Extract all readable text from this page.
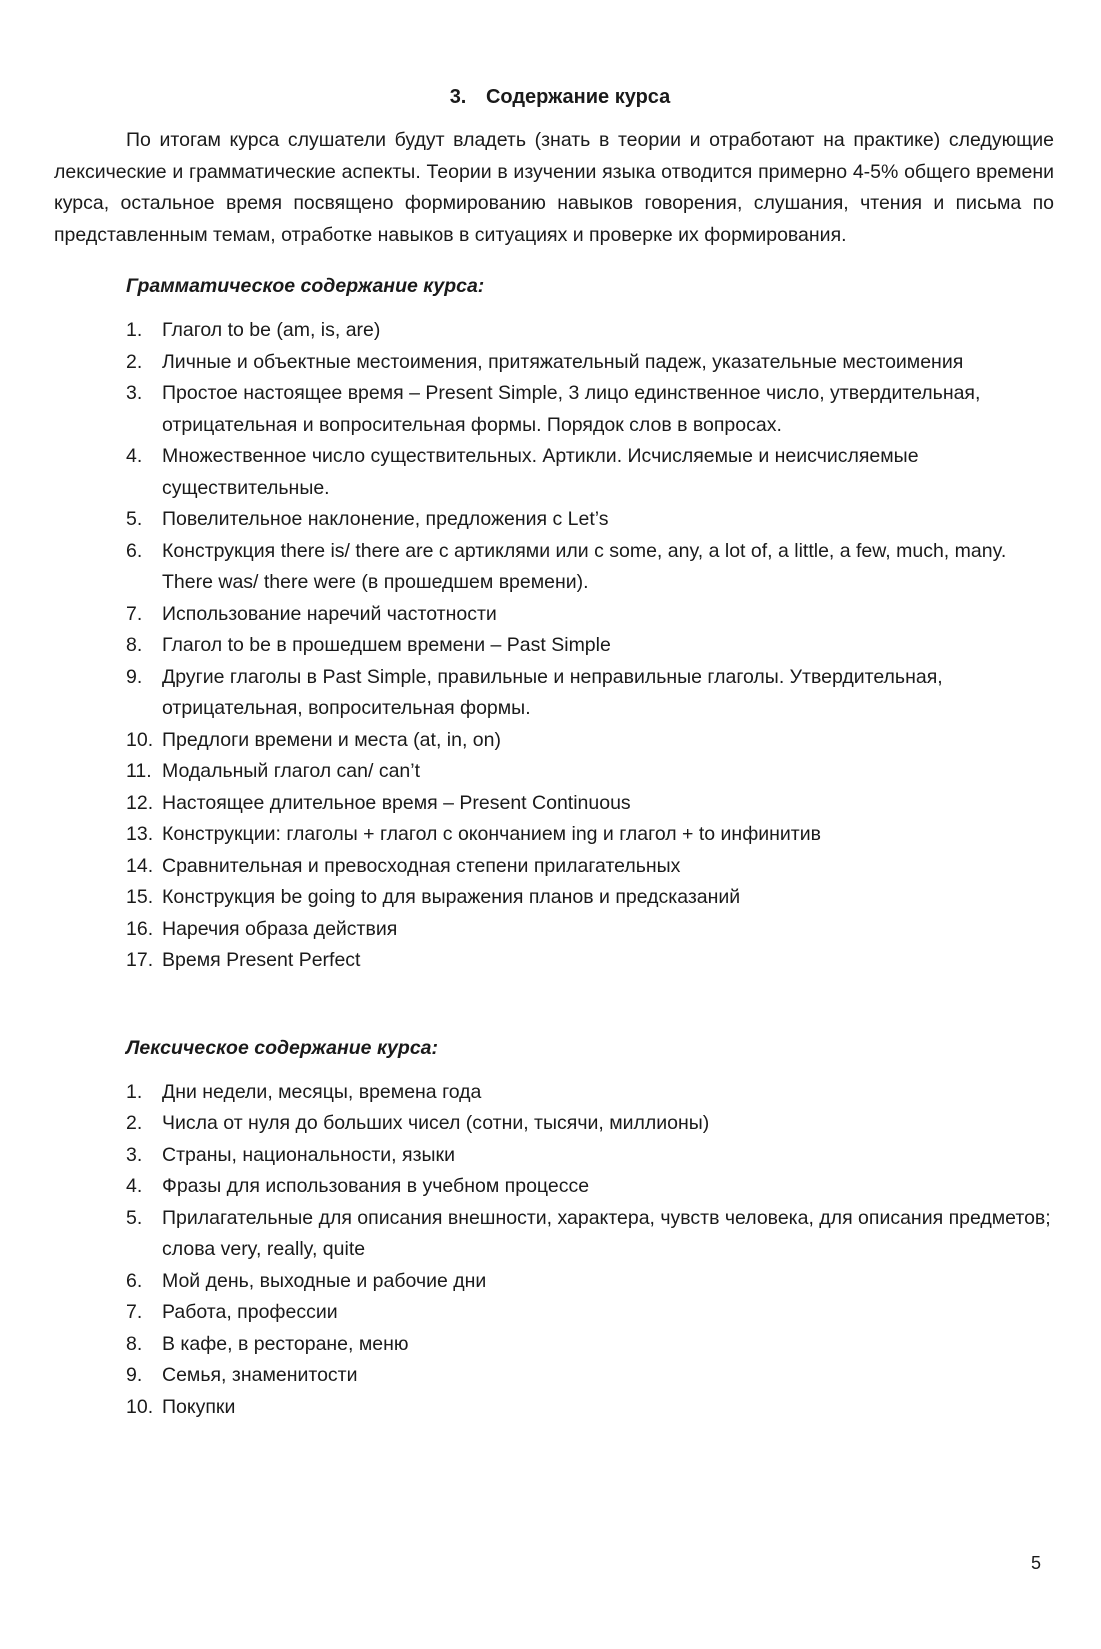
3. Содержание курса

По итогам курса слушатели будут владеть (знать в теории и отработают на практике) следующие лексические и грамматические аспекты. Теории в изучении языка отводится примерно 4-5% общего времени курса, остальное время посвящено формированию навыков говорения, слушания, чтения и письма по представленным темам, отработке навыков в ситуациях и проверке их формирования.

Грамматическое содержание курса:
1. Глагол to be (am, is, are)
2. Личные и объектные местоимения, притяжательный падеж, указательные местоимения
3. Простое настоящее время – Present Simple, 3 лицо единственное число, утвердительная, отрицательная и вопросительная формы. Порядок слов в вопросах.
4. Множественное число существительных. Артикли. Исчисляемые и неисчисляемые существительные.
5. Повелительное наклонение, предложения с Let’s
6. Конструкция there is/ there are с артиклями или с some, any, a lot of, a little, a few, much, many. There was/ there were (в прошедшем времени).
7. Использование наречий частотности
8. Глагол to be в прошедшем времени – Past Simple
9. Другие глаголы в Past Simple, правильные и неправильные глаголы. Утвердительная, отрицательная, вопросительная формы.
10. Предлоги времени и места (at, in, on)
11. Модальный глагол can/ can’t
12. Настоящее длительное время – Present Continuous
13. Конструкции: глаголы + глагол с окончанием ing и глагол + to инфинитив
14. Сравнительная и превосходная степени прилагательных
15. Конструкция be going to для выражения планов и предсказаний
16. Наречия образа действия
17. Время Present Perfect
Лексическое содержание курса:
1. Дни недели, месяцы, времена года
2. Числа от нуля до больших чисел (сотни, тысячи, миллионы)
3. Страны, национальности, языки
4. Фразы для использования в учебном процессе
5. Прилагательные для описания внешности, характера, чувств человека, для описания предметов; слова very, really, quite
6. Мой день, выходные и рабочие дни
7. Работа, профессии
8. В кафе, в ресторане, меню
9. Семья, знаменитости
10. Покупки
5
